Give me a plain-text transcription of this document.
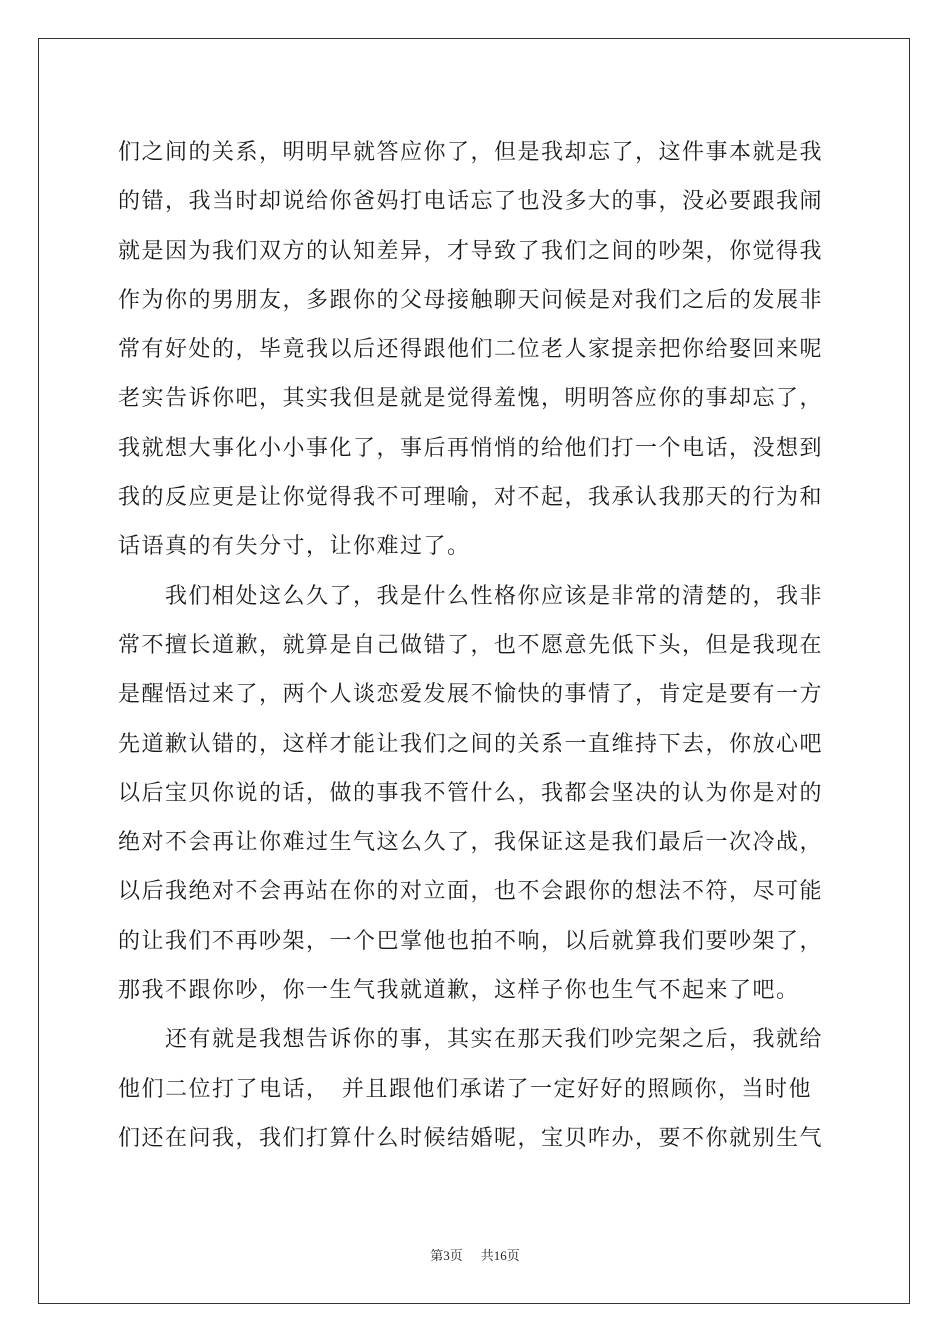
们之间的关系，明明早就答应你了，但是我却忘了，这件事本就是我
的错，我当时却说给你爸妈打电话忘了也没多大的事，没必要跟我闹
就是因为我们双方的认知差异，才导致了我们之间的吵架，你觉得我
作为你的男朋友，多跟你的父母接触聊天问候是对我们之后的发展非
常有好处的，毕竟我以后还得跟他们二位老人家提亲把你给娶回来呢
老实告诉你吧，其实我但是就是觉得羞愧，明明答应你的事却忘了，
我就想大事化小小事化了，事后再悄悄的给他们打一个电话，没想到
我的反应更是让你觉得我不可理喻，对不起，我承认我那天的行为和
话语真的有失分寸，让你难过了。
　　我们相处这么久了，我是什么性格你应该是非常的清楚的，我非
常不擅长道歉，就算是自己做错了，也不愿意先低下头，但是我现在
是醒悟过来了，两个人谈恋爱发展不愉快的事情了，肯定是要有一方
先道歉认错的，这样才能让我们之间的关系一直维持下去，你放心吧
以后宝贝你说的话，做的事我不管什么，我都会坚决的认为你是对的
绝对不会再让你难过生气这么久了，我保证这是我们最后一次冷战，
以后我绝对不会再站在你的对立面，也不会跟你的想法不符，尽可能
的让我们不再吵架，一个巴掌他也拍不响，以后就算我们要吵架了，
那我不跟你吵，你一生气我就道歉，这样子你也生气不起来了吧。
　　还有就是我想告诉你的事，其实在那天我们吵完架之后，我就给
他们二位打了电话，　并且跟他们承诺了一定好好的照顾你，当时他
们还在问我，我们打算什么时候结婚呢，宝贝咋办，要不你就别生气
第3页 共16页
